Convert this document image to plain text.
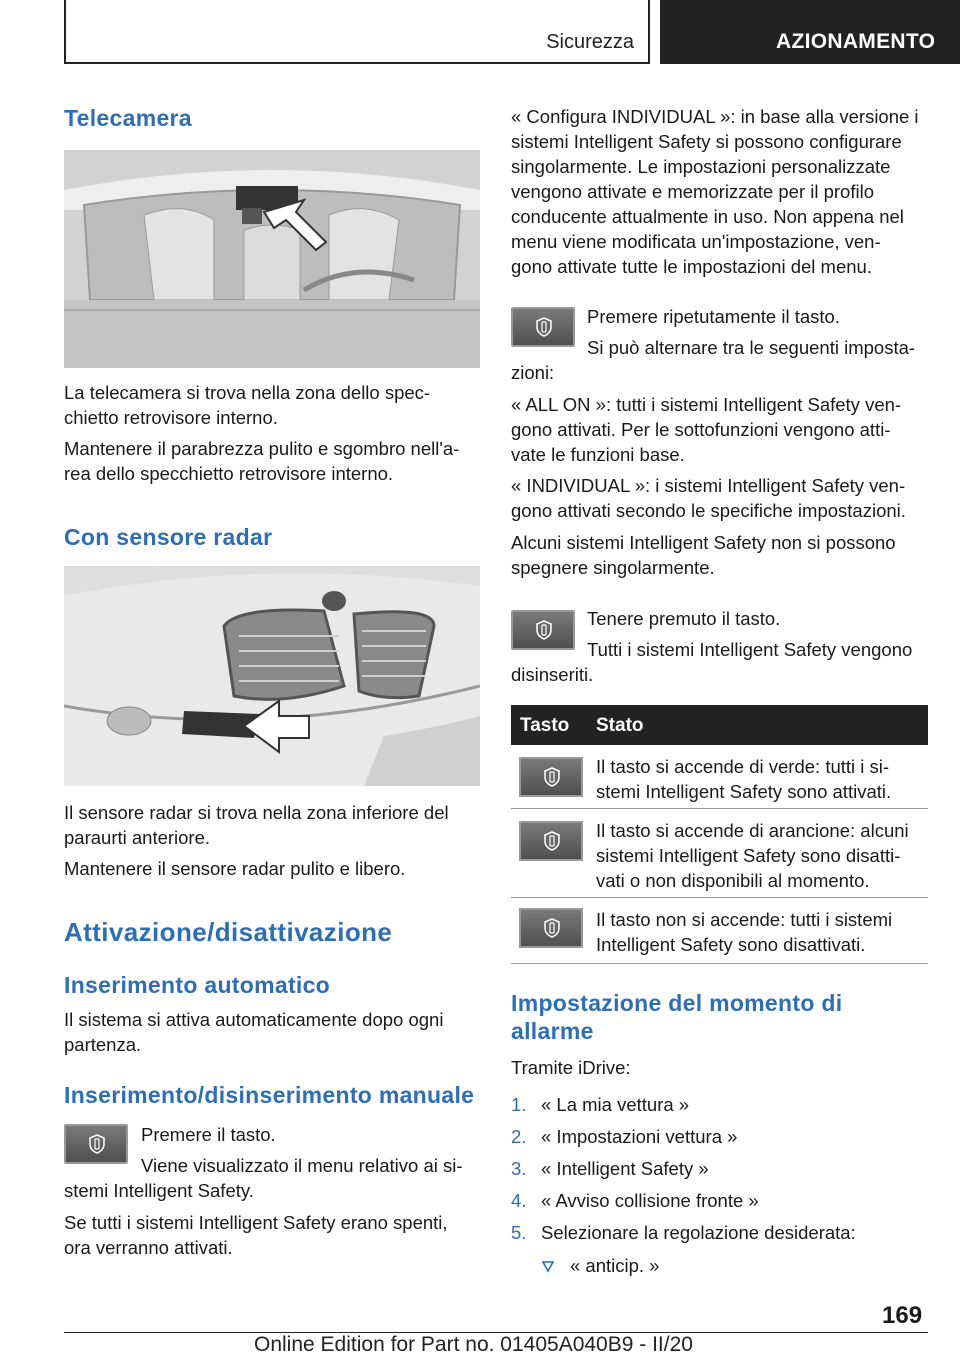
Sicurezza	AZIONAMENTO
Telecamera
La telecamera si trova nella zona dello spec-
chietto retrovisore interno.
Mantenere il parabrezza pulito e sgombro nell'a-
rea dello specchietto retrovisore interno.
Con sensore radar
Il sensore radar si trova nella zona inferiore del
paraurti anteriore.
Mantenere il sensore radar pulito e libero.
Attivazione/disattivazione
Inserimento automatico
Il sistema si attiva automaticamente dopo ogni
partenza.
Inserimento/disinserimento manuale
Premere il tasto.
Viene visualizzato il menu relativo ai si-
stemi Intelligent Safety.
Se tutti i sistemi Intelligent Safety erano spenti,
ora verranno attivati.
« Configura INDIVIDUAL »: in base alla versione i
sistemi Intelligent Safety si possono configurare
singolarmente. Le impostazioni personalizzate
vengono attivate e memorizzate per il profilo
conducente attualmente in uso. Non appena nel
menu viene modificata un'impostazione, ven-
gono attivate tutte le impostazioni del menu.
Premere ripetutamente il tasto.
Si può alternare tra le seguenti imposta-
zioni:
« ALL ON »: tutti i sistemi Intelligent Safety ven-
gono attivati. Per le sottofunzioni vengono atti-
vate le funzioni base.
« INDIVIDUAL »: i sistemi Intelligent Safety ven-
gono attivati secondo le specifiche impostazioni.
Alcuni sistemi Intelligent Safety non si possono
spegnere singolarmente.
Tenere premuto il tasto.
Tutti i sistemi Intelligent Safety vengono
disinseriti.
Tasto Stato
Il tasto si accende di verde: tutti i si-
stemi Intelligent Safety sono attivati.
Il tasto si accende di arancione: alcuni
sistemi Intelligent Safety sono disatti-
vati o non disponibili al momento.
Il tasto non si accende: tutti i sistemi
Intelligent Safety sono disattivati.
Impostazione del momento di
allarme
Tramite iDrive:
1. « La mia vettura »
2. « Impostazioni vettura »
3. « Intelligent Safety »
4. « Avviso collisione fronte »
5. Selezionare la regolazione desiderata:
« anticip. »
169
Online Edition for Part no. 01405A040B9 - II/20
